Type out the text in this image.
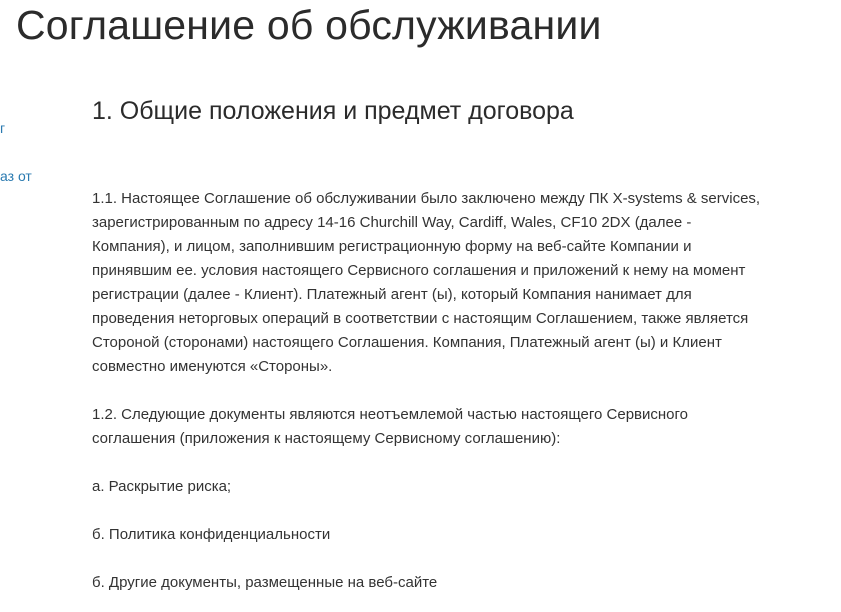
Соглашение об обслуживании
г
аз от
1. Общие положения и предмет договора

1.1. Настоящее Соглашение об обслуживании было заключено между ПК X-systems & services,
зарегистрированным по адресу 14-16 Churchill Way, Cardiff, Wales, CF10 2DX (далее -
Компания), и лицом, заполнившим регистрационную форму на веб-сайте Компании и
принявшим ее. условия настоящего Сервисного соглашения и приложений к нему на момент
регистрации (далее - Клиент). Платежный агент (ы), который Компания нанимает для
проведения неторговых операций в соответствии с настоящим Соглашением, также является
Стороной (сторонами) настоящего Соглашения. Компания, Платежный агент (ы) и Клиент
совместно именуются «Стороны».

1.2. Следующие документы являются неотъемлемой частью настоящего Сервисного
соглашения (приложения к настоящему Сервисному соглашению):

а. Раскрытие риска;

б. Политика конфиденциальности

б. Другие документы, размещенные на веб-сайте
